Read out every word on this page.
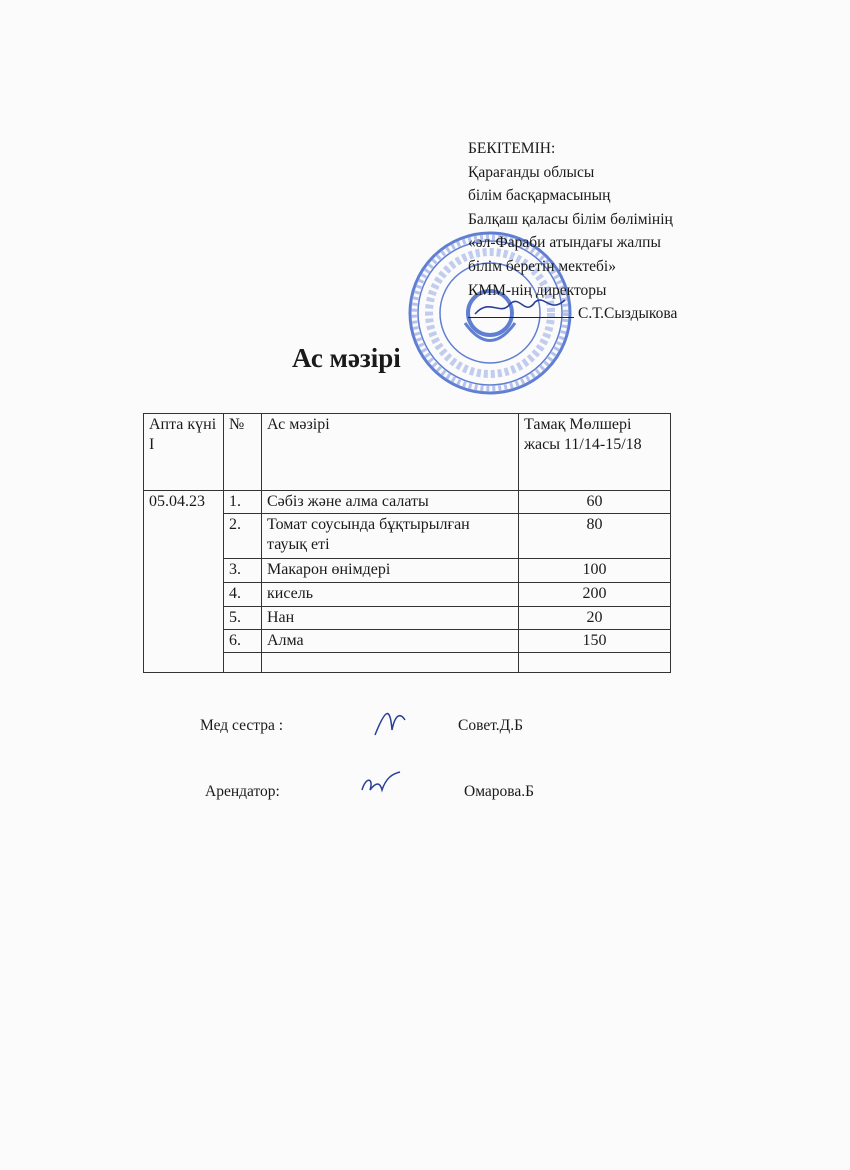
БЕКІТЕМІН:
Қарағанды облысы
білім басқармасының
Балқаш қаласы білім бөлімінің
«әл-Фараби атындағы жалпы
білім беретін мектебі»
КММ-нің директоры
С.Т.Сыздыкова
Ас мәзірі
Апта күні І	№	Ас мәзірі	Тамақ Мөлшері жасы 11/14-15/18
05.04.23	1.	Сәбіз және алма салаты	60
	2.	Томат соусында бұқтырылған тауық еті	80
	3.	Макарон өнімдері	100
	4.	кисель	200
	5.	Нан	20
	6.	Алма	150

Мед сестра :	Совет.Д.Б
Арендатор:	Омарова.Б
